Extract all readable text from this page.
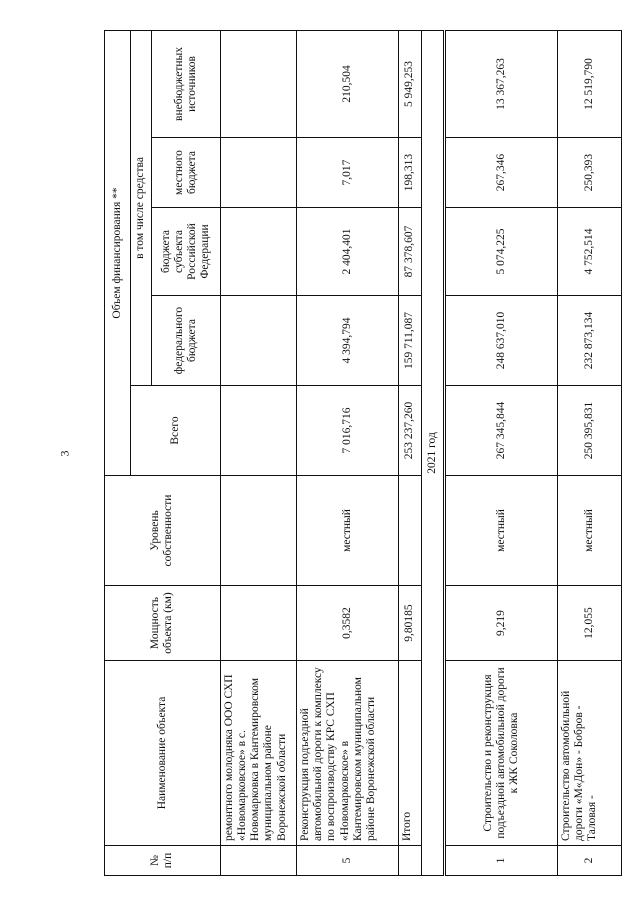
3
№ п/п	Наименование объекта	Мощность объекта (км)	Уровень собственности	Объем финансирования **				
				Всего	в том числе средства			
					федерального бюджета	бюджета субъекта Российской Федерации	местного бюджета	внебюджетных источников
	ремонтного молодняка ООО СХП «Новомарковское» в с. Новомарковка в Кантемировском муниципальном районе Воронежской области							
5	Реконструкция подъездной автомобильной дороги к комплексу по воспроизводству КРС СХП «Новомарковское» в Кантемировском муниципальном районе Воронежской области	0,3582	местный	7 016,716	4 394,794	2 404,401	7,017	210,504
	Итого	9,80185		253 237,260	159 711,087	87 378,607	198,313	5 949,253
2021 год								
1	Строительство и реконструкция подъездной автомобильной дороги к ЖК Соколовка	9,219	местный	267 345,844	248 637,010	5 074,225	267,346	13 367,263
2	Строительство автомобильной дороги «М«Дон» - Бобров - Таловая -	12,055	местный	250 395,831	232 873,134	4 752,514	250,393	12 519,790
